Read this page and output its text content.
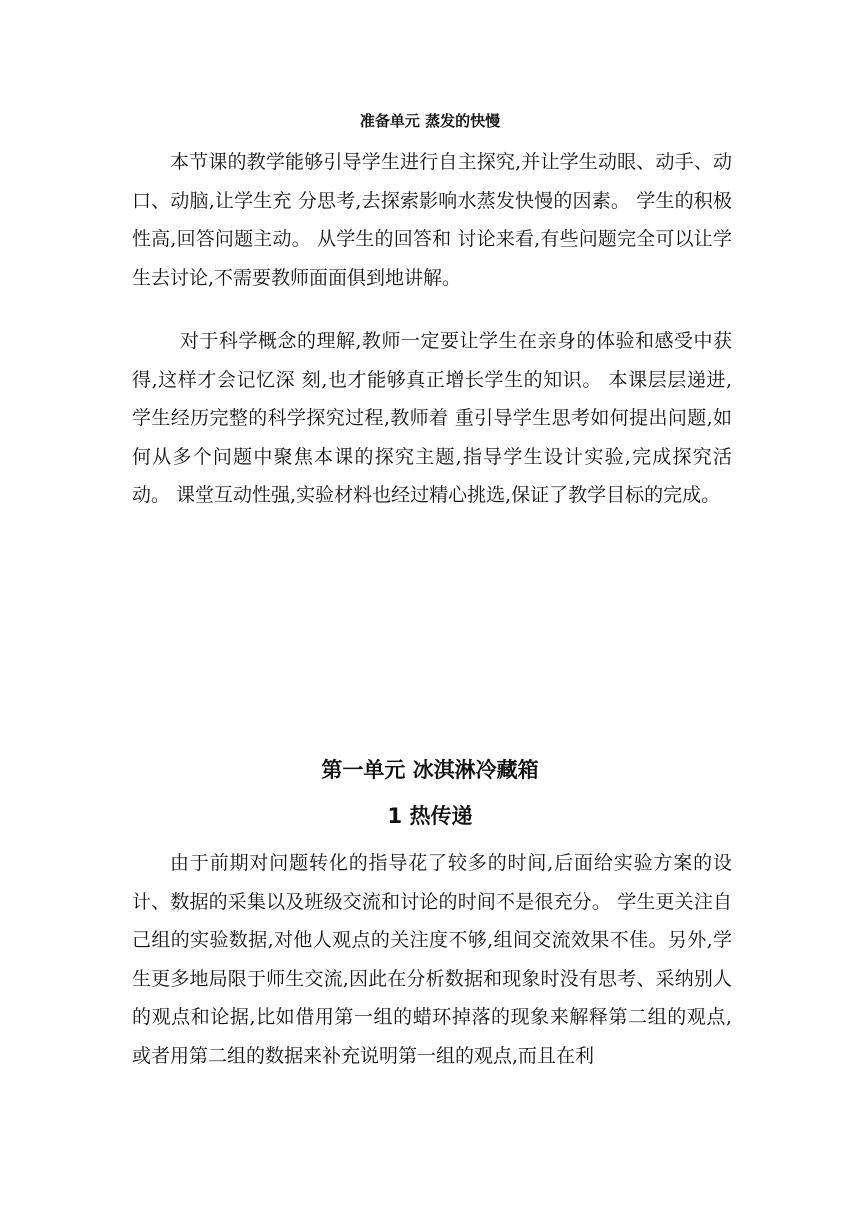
准备单元 蒸发的快慢

本节课的教学能够引导学生进行自主探究,并让学生动眼、动手、动口、动脑,让学生充 分思考,去探索影响水蒸发快慢的因素。 学生的积极性高,回答问题主动。 从学生的回答和 讨论来看,有些问题完全可以让学生去讨论,不需要教师面面俱到地讲解。

对于科学概念的理解,教师一定要让学生在亲身的体验和感受中获得,这样才会记忆深 刻,也才能够真正增长学生的知识。 本课层层递进,学生经历完整的科学探究过程,教师着 重引导学生思考如何提出问题,如何从多个问题中聚焦本课的探究主题,指导学生设计实验,完成探究活动。 课堂互动性强,实验材料也经过精心挑选,保证了教学目标的完成。

第一单元 冰淇淋冷藏箱
1 热传递

由于前期对问题转化的指导花了较多的时间,后面给实验方案的设计、数据的采集以及班级交流和讨论的时间不是很充分。 学生更关注自己组的实验数据,对他人观点的关注度不够,组间交流效果不佳。另外,学生更多地局限于师生交流,因此在分析数据和现象时没有思考、采纳别人的观点和论据,比如借用第一组的蜡环掉落的现象来解释第二组的观点,或者用第二组的数据来补充说明第一组的观点,而且在利
